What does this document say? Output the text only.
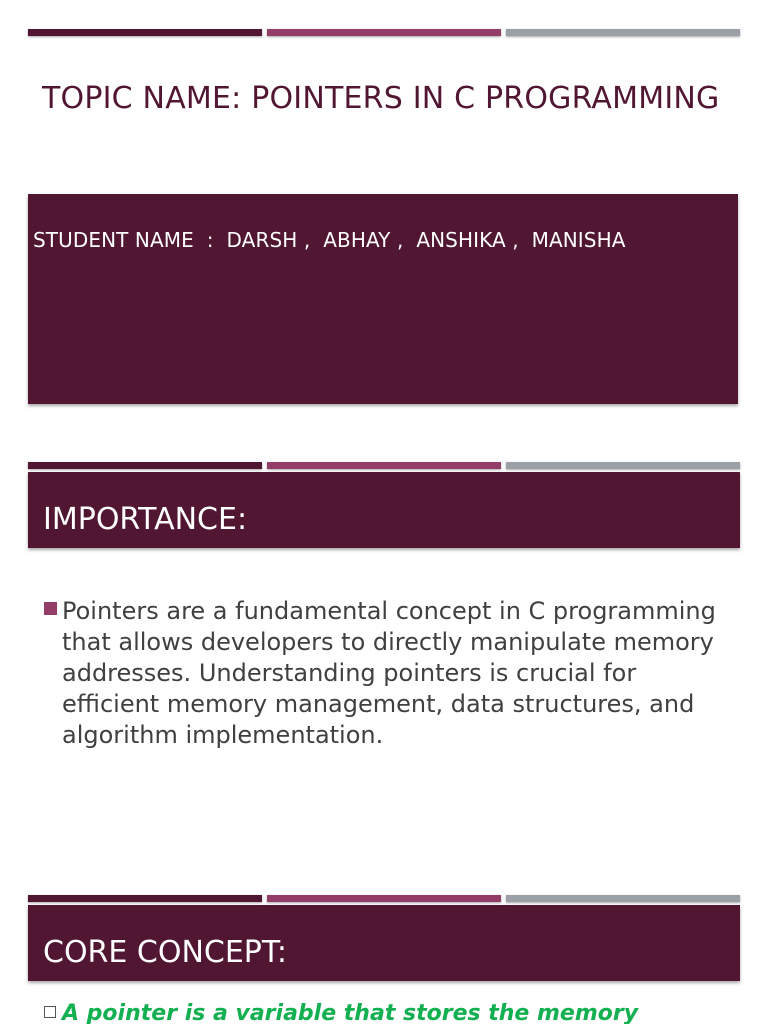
TOPIC NAME: POINTERS IN C PROGRAMMING
STUDENT NAME  :  DARSH ,  ABHAY ,  ANSHIKA ,  MANISHA
IMPORTANCE:
Pointers are a fundamental concept in C programming that allows developers to directly manipulate memory addresses. Understanding pointers is crucial for efficient memory management, data structures, and algorithm implementation.
CORE CONCEPT:
A pointer is a variable that stores the memory
